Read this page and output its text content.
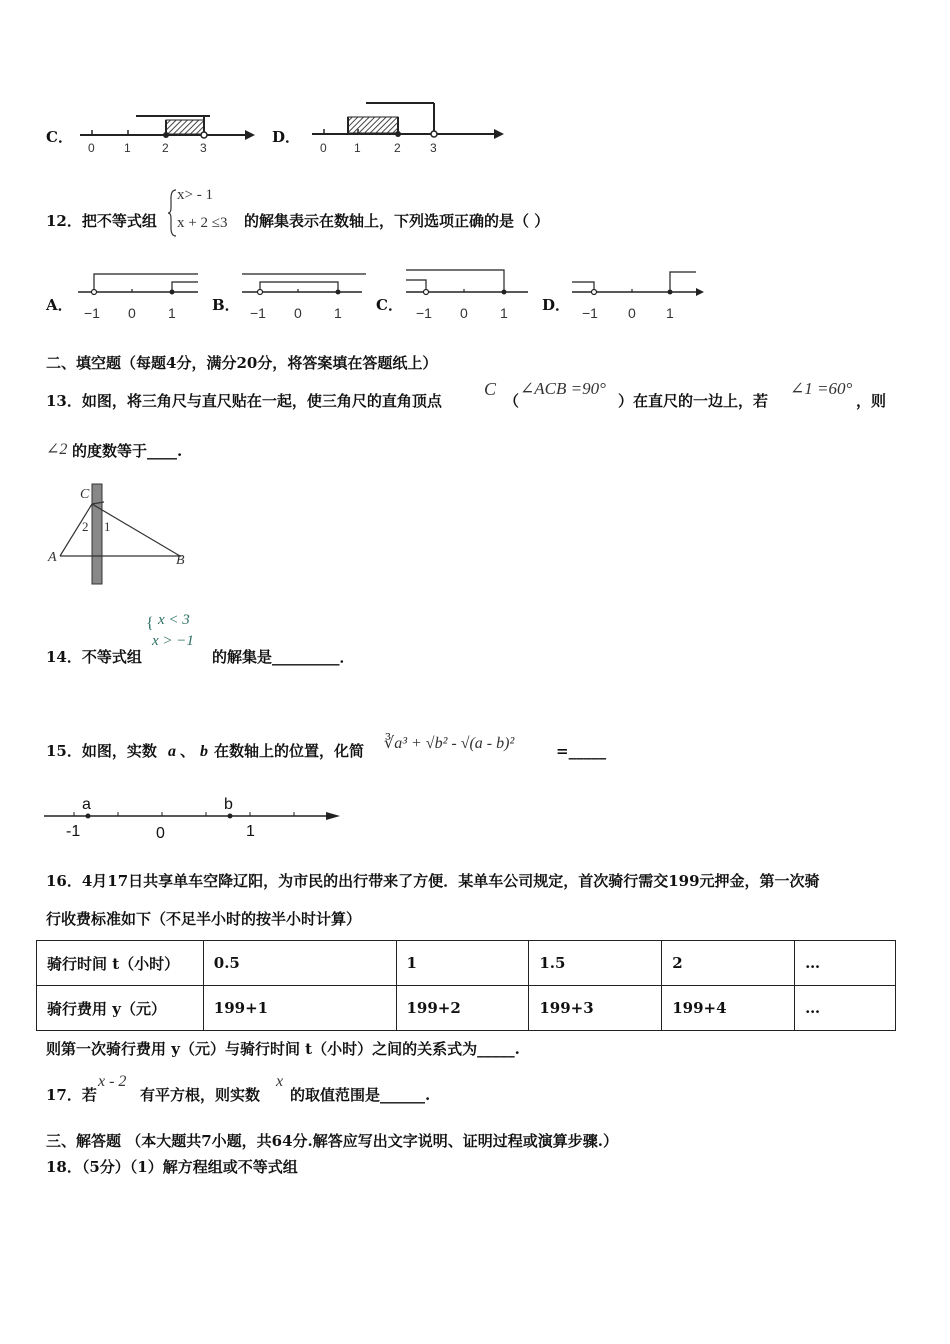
C．
0 1	2	3
D．
0 1	2 3
12．把不等式组
x> - 1
x + 2 ≤3 的解集表示在数轴上，下列选项正确的是（ ）
A． −1 0 1 B． −1 0 1 C． −1 0 1 D． −1 0 1
二、填空题（每题4分，满分20分，将答案填在答题纸上）
13．如图，将三角尺与直尺贴在一起，使三角尺的直角顶点
C
（
∠ACB =90°
）在直尺的一边上，若
∠1 =60°
，则
∠2 的度数等于____.
C
2 1
A	B
14．不等式组
{ x < 3
x > −1
的解集是_________．
15．如图，实数 a 、 b 在数轴上的位置，化简 ∛a³ + √b² - √(a - b)²	=_____
a	b
-1	0	1
16．4月17日共享单车空降辽阳，为市民的出行带来了方便．某单车公司规定，首次骑行需交199元押金，第一次骑
行收费标准如下（不足半小时的按半小时计算）
骑行时间 t（小时）	0.5	1	1.5	2	…
骑行费用 y（元）	199+1	199+2	199+3	199+4	…
则第一次骑行费用 y（元）与骑行时间 t（小时）之间的关系式为_____.
17．若
x - 2
有平方根，则实数
x
的取值范围是______.
三、解答题 （本大题共7小题，共64分.解答应写出文字说明、证明过程或演算步骤.）
18．（5分）（1）解方程组或不等式组
